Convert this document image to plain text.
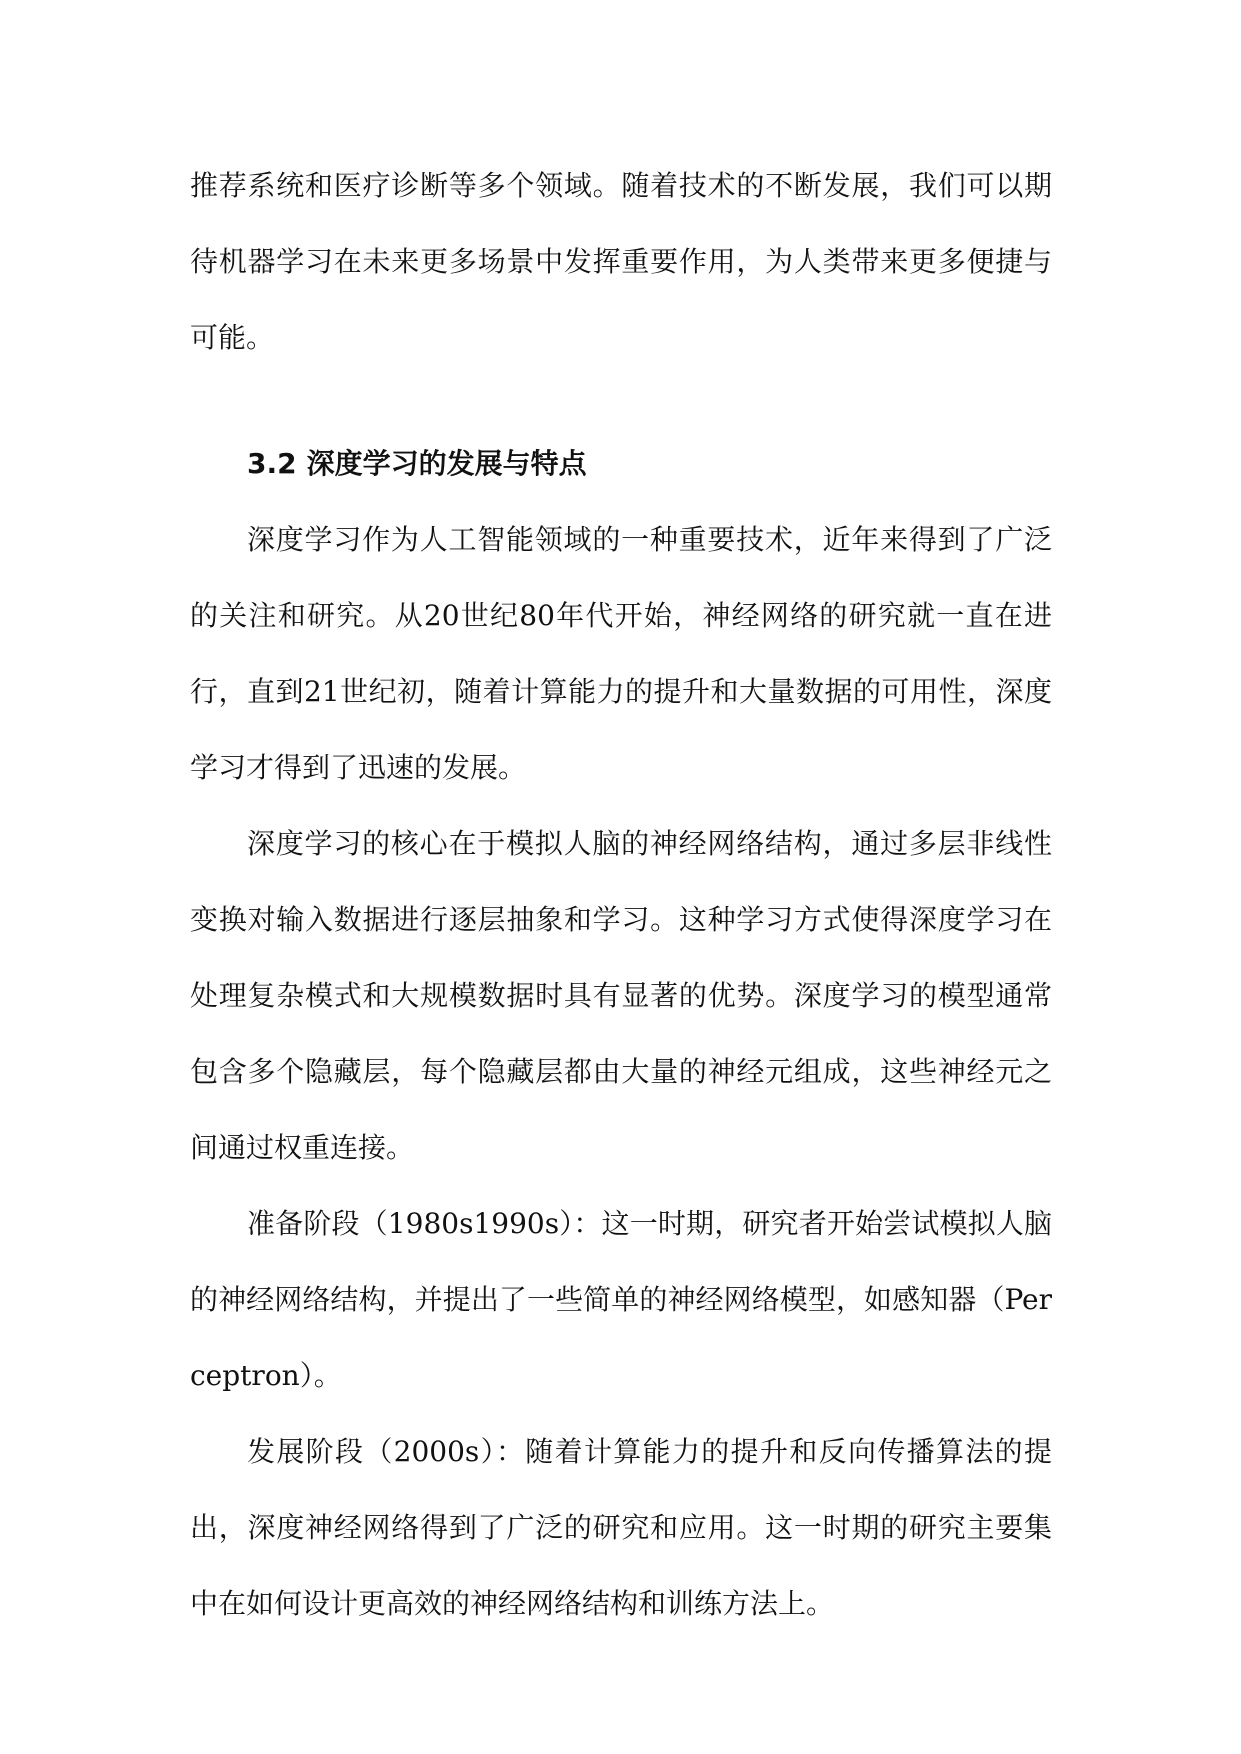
推荐系统和医疗诊断等多个领域。随着技术的不断发展，我们可以期待机器学习在未来更多场景中发挥重要作用，为人类带来更多便捷与可能。

3.2 深度学习的发展与特点

深度学习作为人工智能领域的一种重要技术，近年来得到了广泛的关注和研究。从20世纪80年代开始，神经网络的研究就一直在进行，直到21世纪初，随着计算能力的提升和大量数据的可用性，深度学习才得到了迅速的发展。

深度学习的核心在于模拟人脑的神经网络结构，通过多层非线性变换对输入数据进行逐层抽象和学习。这种学习方式使得深度学习在处理复杂模式和大规模数据时具有显著的优势。深度学习的模型通常包含多个隐藏层，每个隐藏层都由大量的神经元组成，这些神经元之间通过权重连接。

准备阶段（1980s1990s）：这一时期，研究者开始尝试模拟人脑的神经网络结构，并提出了一些简单的神经网络模型，如感知器（Perceptron）。

发展阶段（2000s）：随着计算能力的提升和反向传播算法的提出，深度神经网络得到了广泛的研究和应用。这一时期的研究主要集中在如何设计更高效的神经网络结构和训练方法上。
